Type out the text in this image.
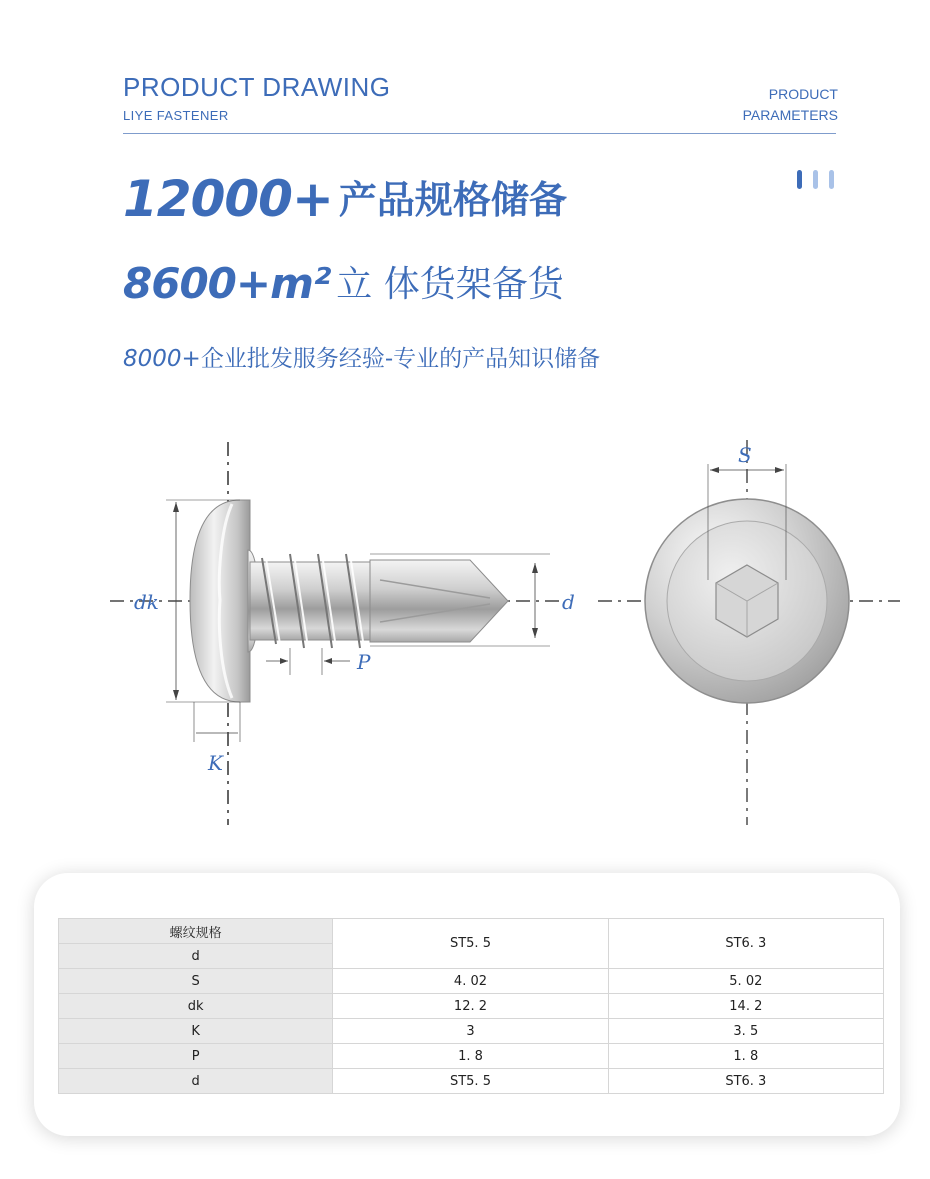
PRODUCT DRAWING
LIYE FASTENER
PRODUCT
PARAMETERS
12000+ 产品规格储备
8600+m² 立 体货架备货
8000+企业批发服务经验-专业的产品知识储备
dk	d
P
K
S
螺纹规格	ST5. 5	ST6. 3
d		
S	4. 02	5. 02
dk	12. 2	14. 2
K	3	3. 5
P	1. 8	1. 8
d	ST5. 5	ST6. 3
